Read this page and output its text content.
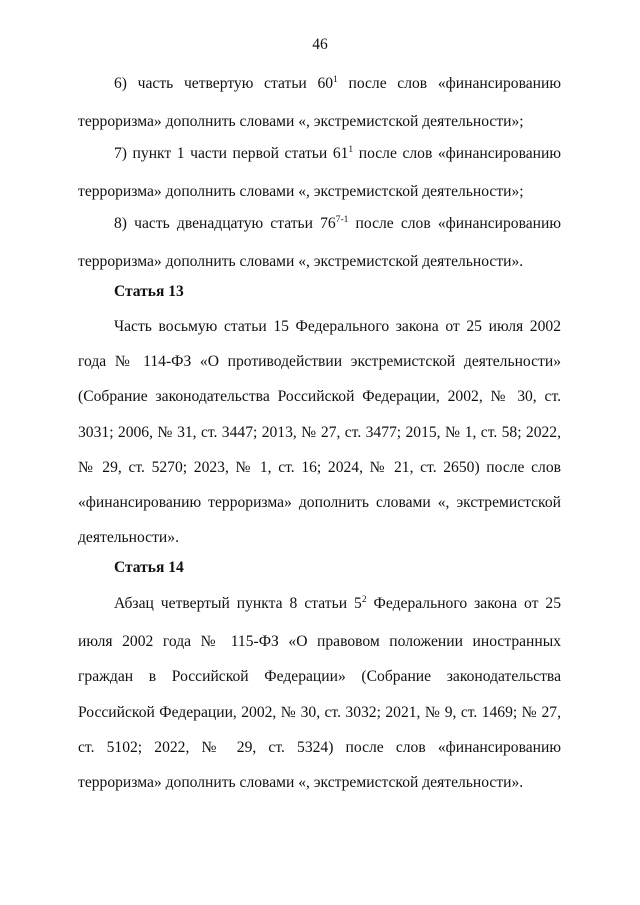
46

6) часть четвертую статьи $60^1$ после слов «финансированию терроризма» дополнить словами «, экстремистской деятельности»;

7) пункт 1 части первой статьи $61^1$ после слов «финансированию терроризма» дополнить словами «, экстремистской деятельности»;

8) часть двенадцатую статьи 76$^{7-1}$ после слов «финансированию терроризма» дополнить словами «, экстремистской деятельности».

Статья 13

Часть восьмую статьи 15 Федерального закона от 25 июля 2002 года № 114-ФЗ «О противодействии экстремистской деятельности» (Собрание законодательства Российской Федерации, 2002, № 30, ст. 3031; 2006, № 31, ст. 3447; 2013, № 27, ст. 3477; 2015, № 1, ст. 58; 2022, № 29, ст. 5270; 2023, № 1, ст. 16; 2024, № 21, ст. 2650) после слов «финансированию терроризма» дополнить словами «, экстремистской деятельности».

Статья 14

Абзац четвертый пункта 8 статьи $5^2$ Федерального закона от 25 июля 2002 года № 115-ФЗ «О правовом положении иностранных граждан в Российской Федерации» (Собрание законодательства Российской Федерации, 2002, № 30, ст. 3032; 2021, № 9, ст. 1469; № 27, ст. 5102; 2022, № 29, ст. 5324) после слов «финансированию терроризма» дополнить словами «, экстремистской деятельности».
